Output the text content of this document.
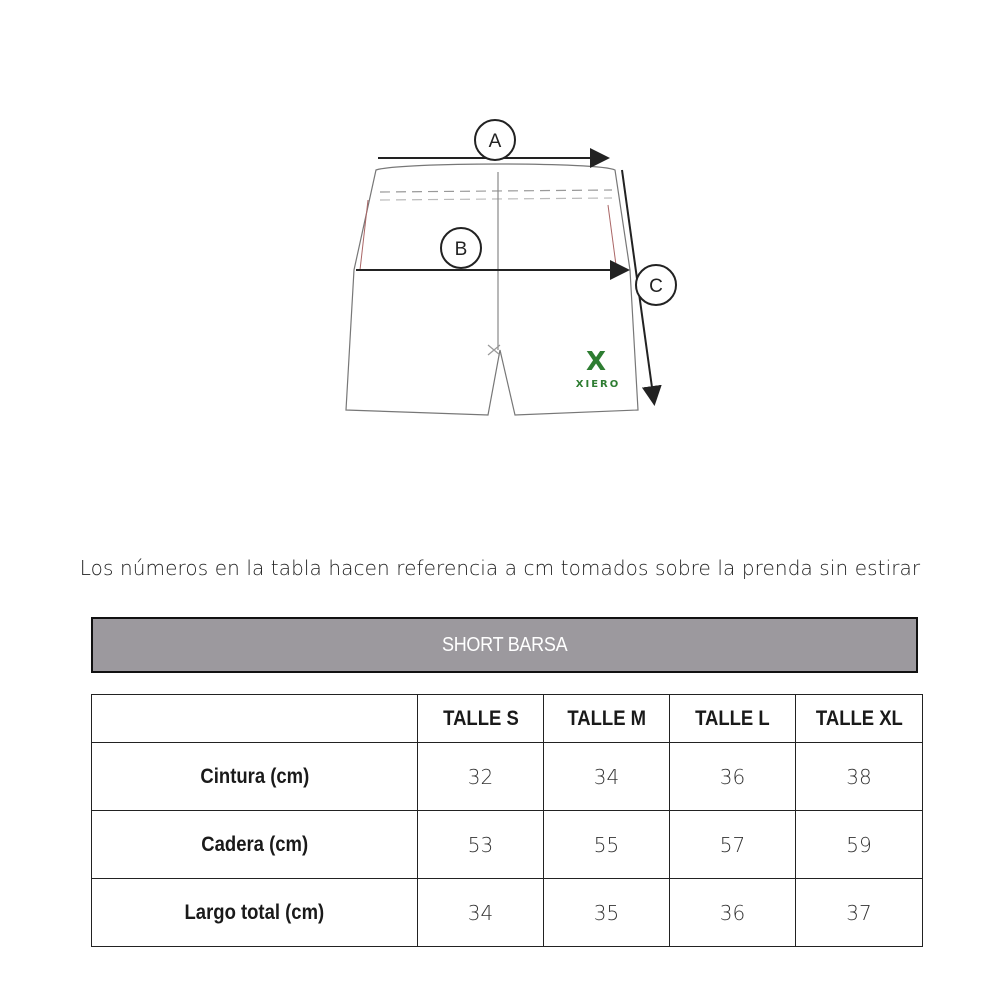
A
B
C
X
XIERO
Los números en la tabla hacen referencia a cm tomados sobre la prenda sin estirar
SHORT BARSA
	TALLE S	TALLE M	TALLE L	TALLE XL
Cintura (cm)	32	34	36	38
Cadera (cm)	53	55	57	59
Largo total (cm)	34	35	36	37
